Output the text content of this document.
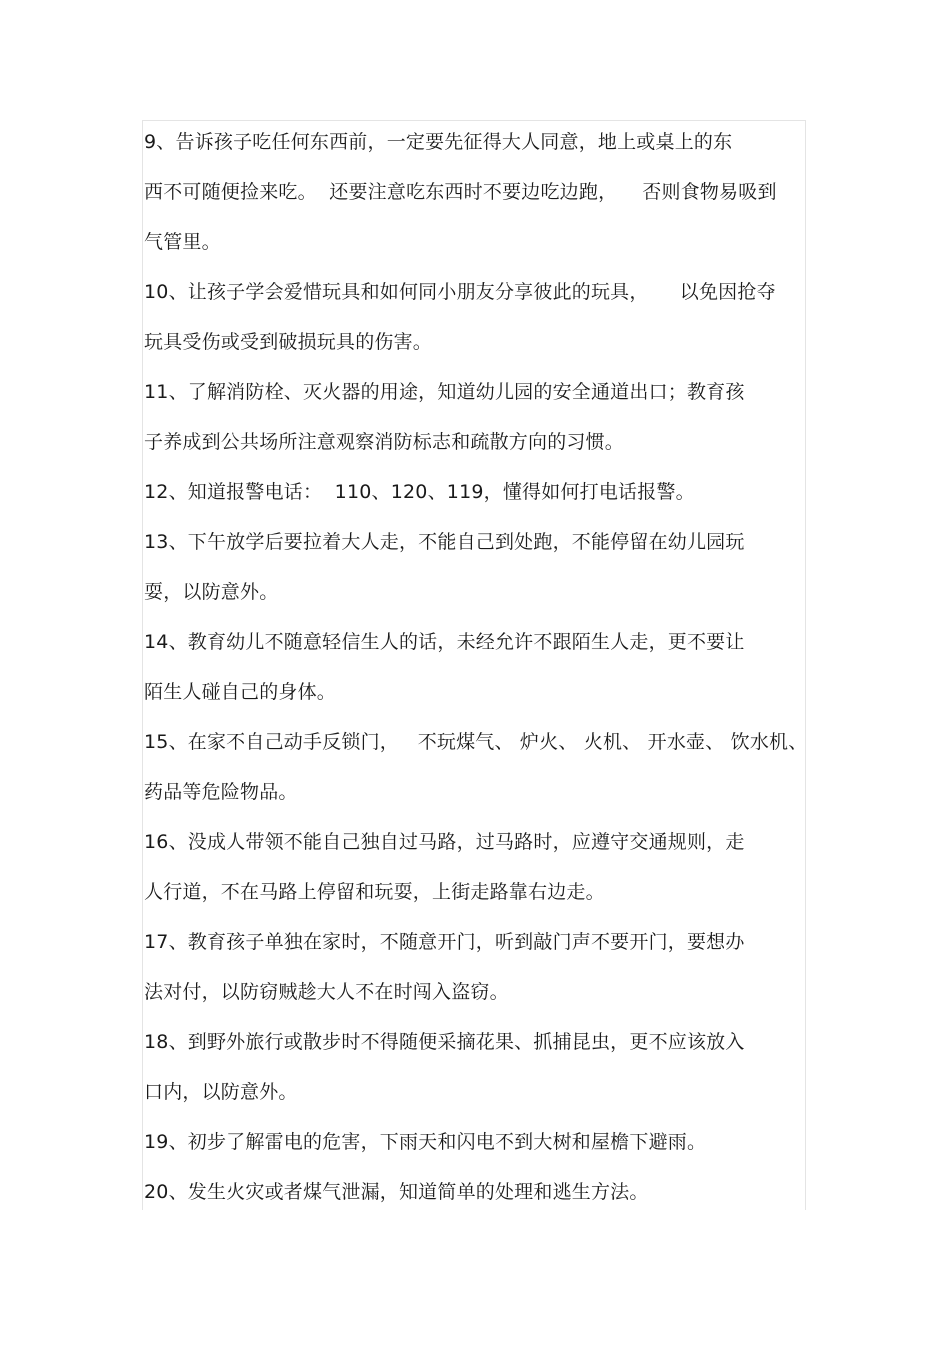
9、告诉孩子吃任何东西前，一定要先征得大人同意，地上或桌上的东
西不可随便捡来吃。  还要注意吃东西时不要边吃边跑，    否则食物易吸到
气管里。
10、让孩子学会爱惜玩具和如何同小朋友分享彼此的玩具，     以免因抢夺
玩具受伤或受到破损玩具的伤害。
11、了解消防栓、灭火器的用途，知道幼儿园的安全通道出口；教育孩
子养成到公共场所注意观察消防标志和疏散方向的习惯。
12、知道报警电话：  110、120、119，懂得如何打电话报警。
13、下午放学后要拉着大人走，不能自己到处跑，不能停留在幼儿园玩
耍，以防意外。
14、教育幼儿不随意轻信生人的话，未经允许不跟陌生人走，更不要让
陌生人碰自己的身体。
15、在家不自己动手反锁门，   不玩煤气、 炉火、 火机、 开水壶、 饮水机、
药品等危险物品。
16、没成人带领不能自己独自过马路，过马路时，应遵守交通规则，走
人行道，不在马路上停留和玩耍，上街走路靠右边走。
17、教育孩子单独在家时，不随意开门，听到敲门声不要开门，要想办
法对付，以防窃贼趁大人不在时闯入盗窃。
18、到野外旅行或散步时不得随便采摘花果、抓捕昆虫，更不应该放入
口内，以防意外。
19、初步了解雷电的危害，下雨天和闪电不到大树和屋檐下避雨。
20、发生火灾或者煤气泄漏，知道简单的处理和逃生方法。
